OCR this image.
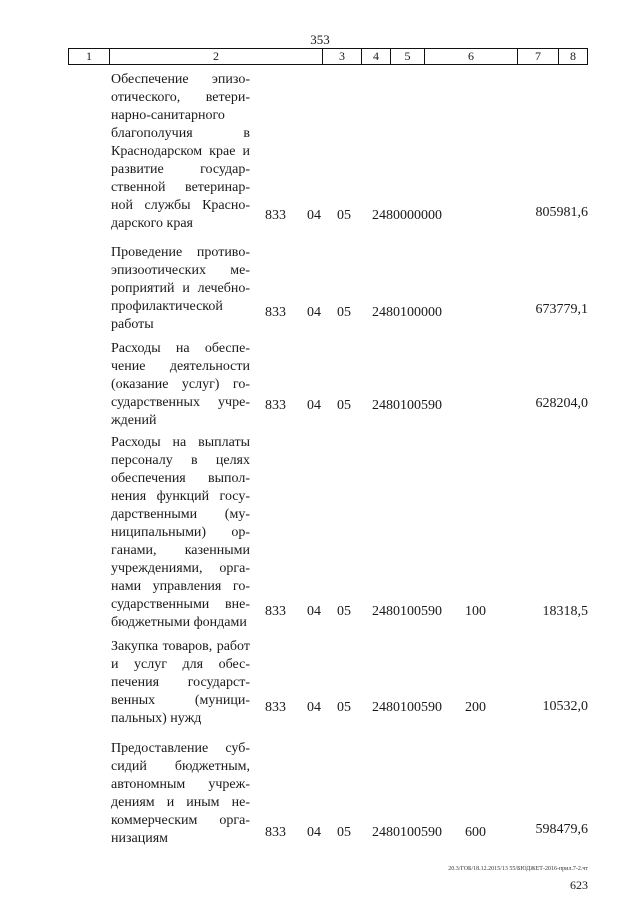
353
1	2	3	4	5	6	7	8
Обеспечение эпизоотического, ветеринарно-санитарного благополучия в Краснодарском крае и развитие государственной ветеринарной службы Краснодарского края
833 04 05 2480000000	805981,6
Проведение противоэпизоотических мероприятий и лечебно-профилактической работы
833 04 05 2480100000	673779,1
Расходы на обеспечение деятельности (оказание услуг) государственных учреждений
833 04 05 2480100590	628204,0
Расходы на выплаты персоналу в целях обеспечения выполнения функций государственными (муниципальными) органами, казенными учреждениями, органами управления государственными внебюджетными фондами
833 04 05 2480100590 100	18318,5
Закупка товаров, работ и услуг для обеспечения государственных (муниципальных) нужд
833 04 05 2480100590 200	10532,0
Предоставление субсидий бюджетным, автономным учреждениям и иным некоммерческим организациям	833 04 05 2480100590 600	598479,6
20.3/ГОБ/18.12.2015/13 55/БЮДЖЕТ-2016-прил.7-2.чт
623
